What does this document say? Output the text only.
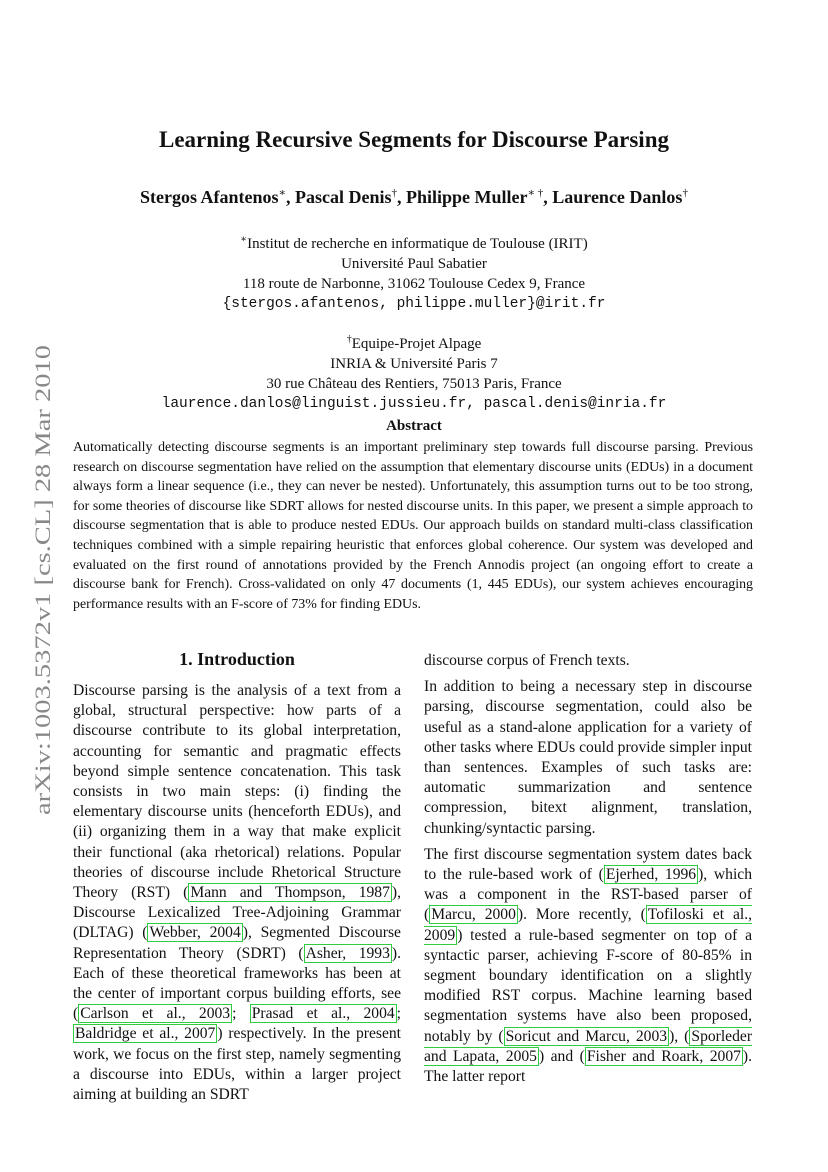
arXiv:1003.5372v1 [cs.CL] 28 Mar 2010
Learning Recursive Segments for Discourse Parsing
Stergos Afantenos∗, Pascal Denis†, Philippe Muller∗ †, Laurence Danlos†
∗Institut de recherche en informatique de Toulouse (IRIT)
Université Paul Sabatier
118 route de Narbonne, 31062 Toulouse Cedex 9, France
{stergos.afantenos, philippe.muller}@irit.fr
†Equipe-Projet Alpage
INRIA & Université Paris 7
30 rue Château des Rentiers, 75013 Paris, France
laurence.danlos@linguist.jussieu.fr, pascal.denis@inria.fr
Abstract
Automatically detecting discourse segments is an important preliminary step towards full discourse parsing. Previous research on discourse segmentation have relied on the assumption that elementary discourse units (EDUs) in a document always form a linear sequence (i.e., they can never be nested). Unfortunately, this assumption turns out to be too strong, for some theories of discourse like SDRT allows for nested discourse units. In this paper, we present a simple approach to discourse segmentation that is able to produce nested EDUs. Our approach builds on standard multi-class classification techniques combined with a simple repairing heuristic that enforces global coherence. Our system was developed and evaluated on the first round of annotations provided by the French Annodis project (an ongoing effort to create a discourse bank for French). Cross-validated on only 47 documents (1, 445 EDUs), our system achieves encouraging performance results with an F-score of 73% for finding EDUs.
1. Introduction

Discourse parsing is the analysis of a text from a global, structural perspective: how parts of a discourse contribute to its global interpretation, accounting for semantic and pragmatic effects beyond simple sentence concatenation. This task consists in two main steps: (i) finding the elementary discourse units (henceforth EDUs), and (ii) organizing them in a way that make explicit their functional (aka rhetorical) relations. Popular theories of discourse include Rhetorical Structure Theory (RST) ( Mann and Thompson, 1987 ), Discourse Lexicalized Tree-Adjoining Grammar (DLTAG) ( Webber, 2004 ), Segmented Discourse Representation Theory (SDRT) ( Asher, 1993 ). Each of these theoretical frameworks has been at the center of important corpus building efforts, see ( Carlson et al., 2003 ; Prasad et al., 2004 ; Baldridge et al., 2007 ) respectively. In the present work, we focus on the first step, namely segmenting a discourse into EDUs, within a larger project aiming at building an SDRT

discourse corpus of French texts.

In addition to being a necessary step in discourse parsing, discourse segmentation, could also be useful as a stand-alone application for a variety of other tasks where EDUs could provide simpler input than sentences. Examples of such tasks are: automatic summarization and sentence compression, bitext alignment, translation, chunking/syntactic parsing.

The first discourse segmentation system dates back to the rule-based work of ( Ejerhed, 1996 ), which was a component in the RST-based parser of ( Marcu, 2000 ). More recently, ( Tofiloski et al., 2009 ) tested a rule-based segmenter on top of a syntactic parser, achieving F-score of 80-85% in segment boundary identification on a slightly modified RST corpus. Machine learning based segmentation systems have also been proposed, notably by ( Soricut and Marcu, 2003 ), ( Sporleder and Lapata, 2005 ) and ( Fisher and Roark, 2007 ). The latter report
